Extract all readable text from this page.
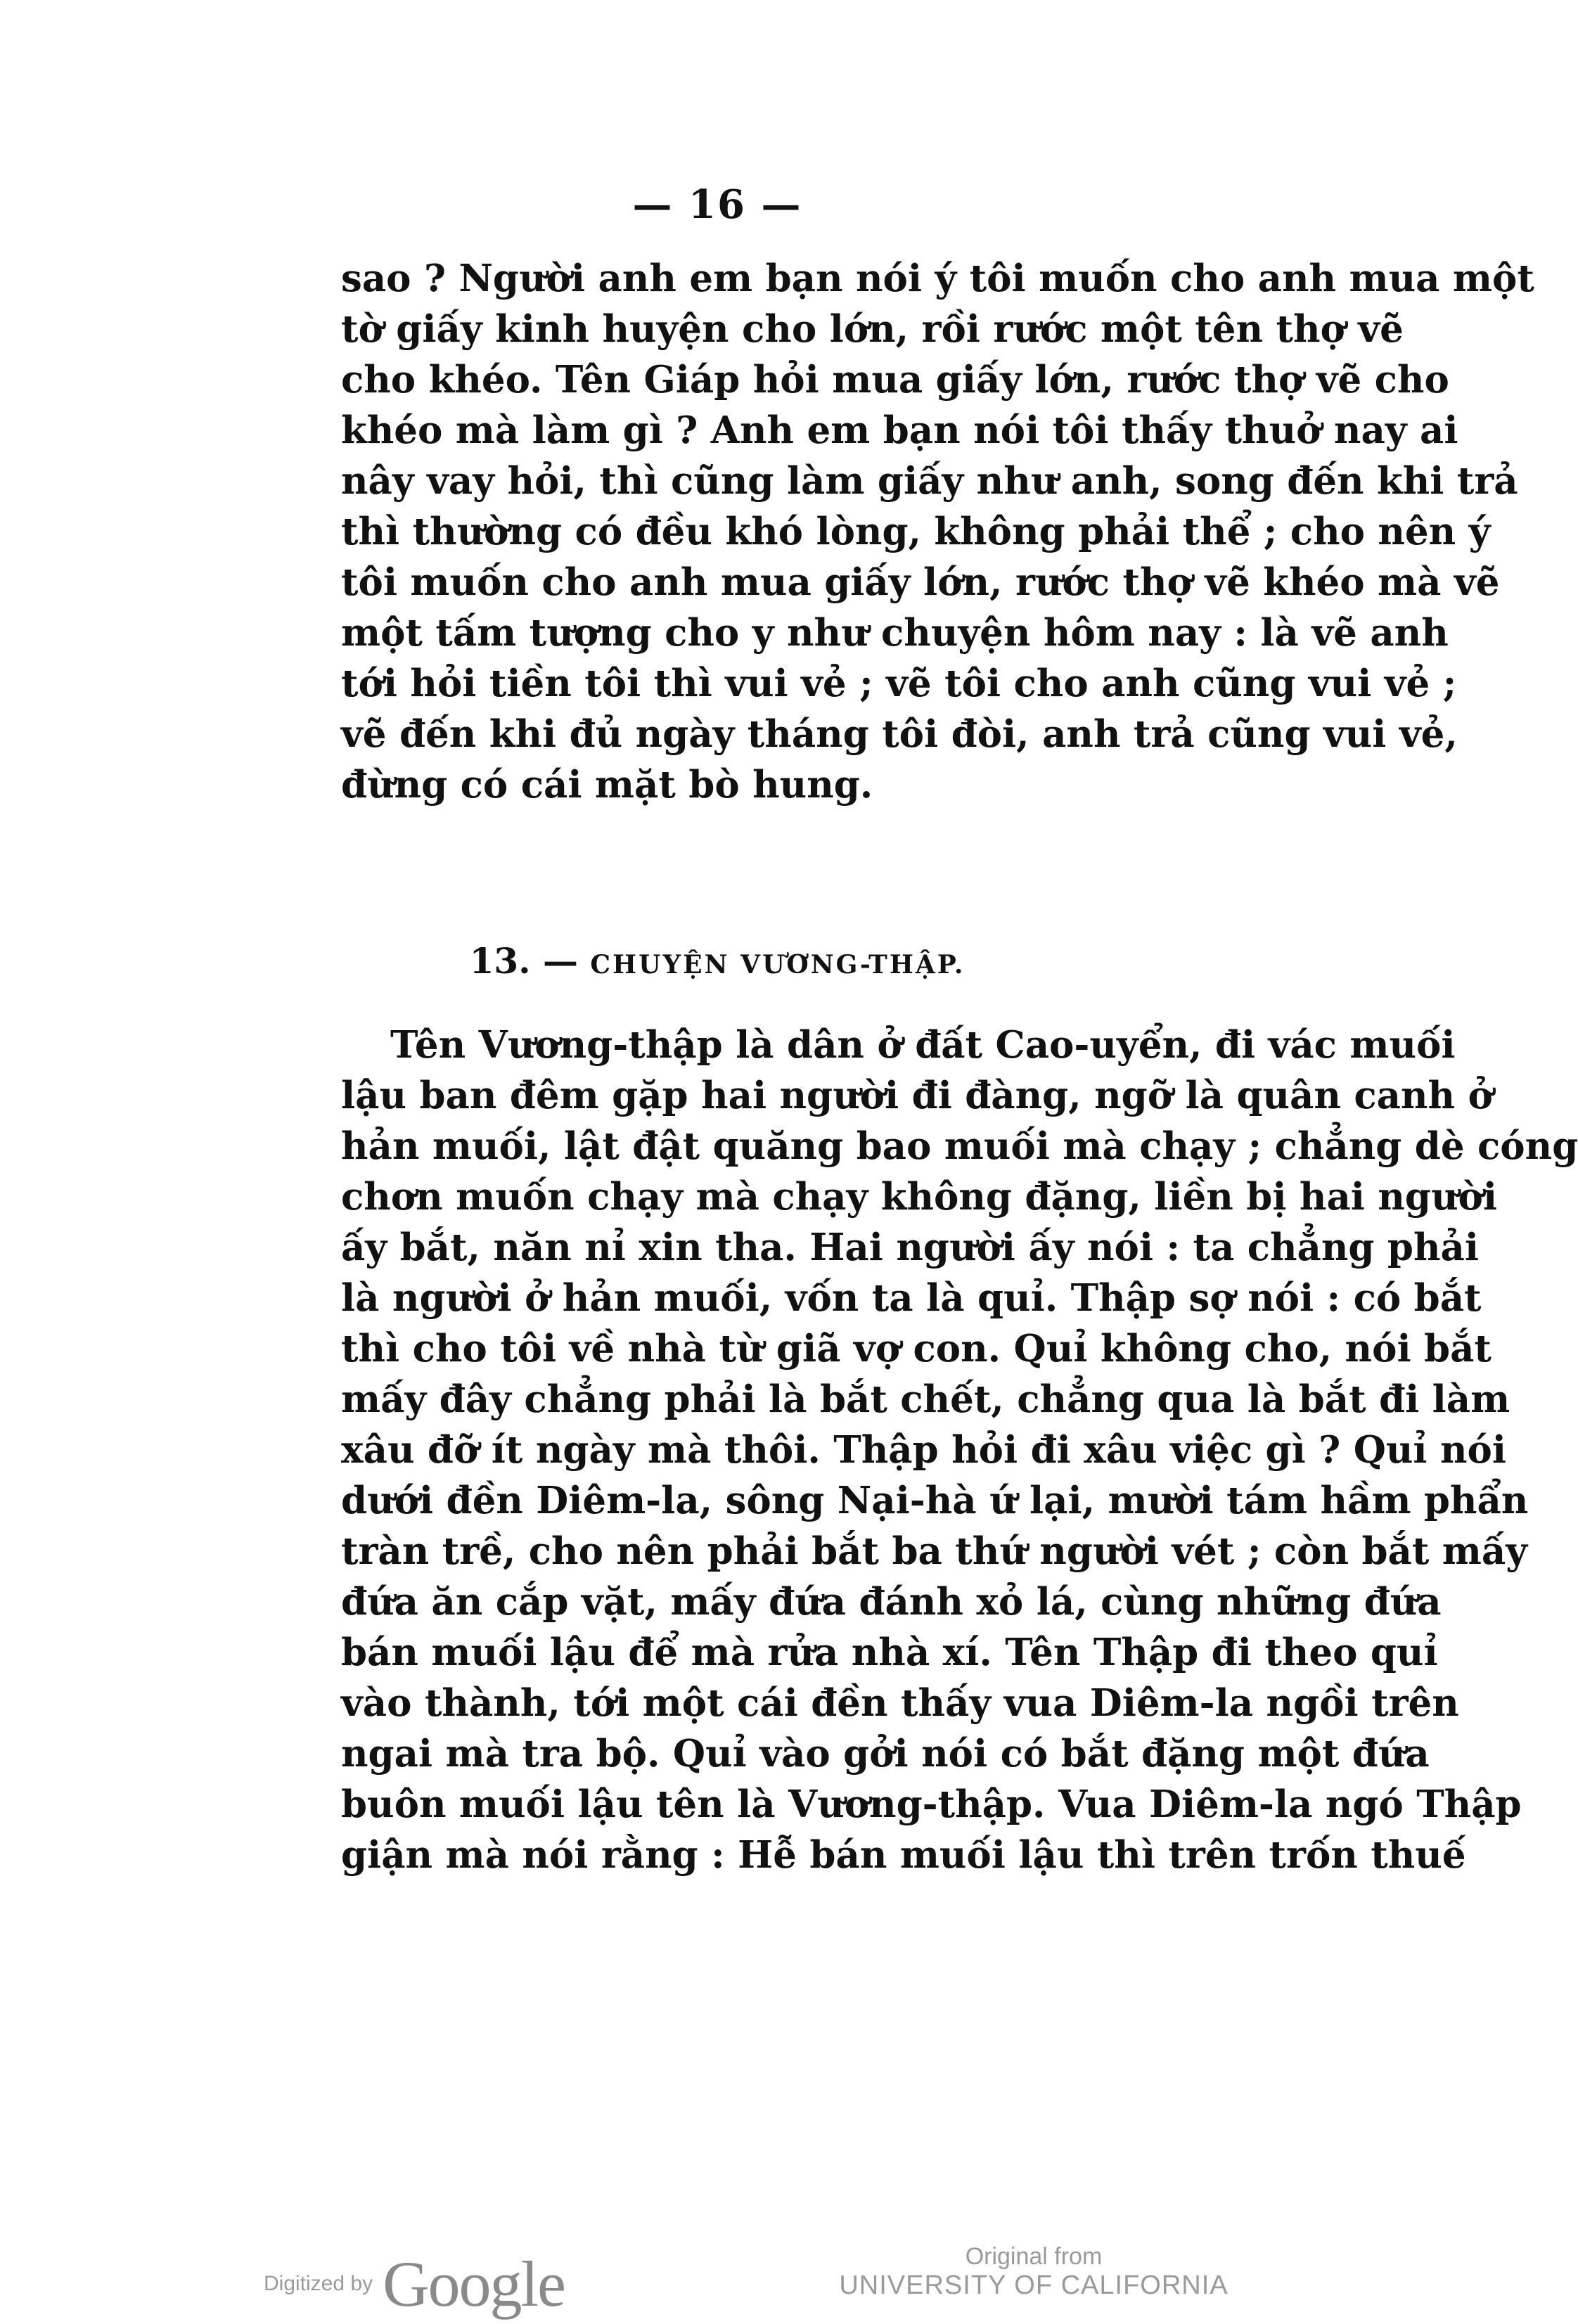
— 16 —
sao ? Người anh em bạn nói ý tôi muốn cho anh mua một
tờ giấy kinh huyện cho lớn, rồi rước một tên thợ vẽ
cho khéo. Tên Giáp hỏi mua giấy lớn, rước thợ vẽ cho
khéo mà làm gì ? Anh em bạn nói tôi thấy thuở nay ai
nây vay hỏi, thì cũng làm giấy như anh, song đến khi trả
thì thường có đều khó lòng, không phải thể ; cho nên ý
tôi muốn cho anh mua giấy lớn, rước thợ vẽ khéo mà vẽ
một tấm tượng cho y như chuyện hôm nay : là vẽ anh
tới hỏi tiền tôi thì vui vẻ ; vẽ tôi cho anh cũng vui vẻ ;
vẽ đến khi đủ ngày tháng tôi đòi, anh trả cũng vui vẻ,
đừng có cái mặt bò hung.
13. — CHUYỆN VƯƠNG-THẬP.
Tên Vương-thập là dân ở đất Cao-uyển, đi vác muối
lậu ban đêm gặp hai người đi đàng, ngỡ là quân canh ở
hản muối, lật đật quăng bao muối mà chạy ; chẳng dè cóng
chơn muốn chạy mà chạy không đặng, liền bị hai người
ấy bắt, năn nỉ xin tha. Hai người ấy nói : ta chẳng phải
là người ở hản muối, vốn ta là quỉ. Thập sợ nói : có bắt
thì cho tôi về nhà từ giã vợ con. Quỉ không cho, nói bắt
mấy đây chẳng phải là bắt chết, chẳng qua là bắt đi làm
xâu đỡ ít ngày mà thôi. Thập hỏi đi xâu việc gì ? Quỉ nói
dưới đền Diêm-la, sông Nại-hà ứ lại, mười tám hầm phẩn
tràn trề, cho nên phải bắt ba thứ người vét ; còn bắt mấy
đứa ăn cắp vặt, mấy đứa đánh xỏ lá, cùng những đứa
bán muối lậu để mà rửa nhà xí. Tên Thập đi theo quỉ
vào thành, tới một cái đền thấy vua Diêm-la ngồi trên
ngai mà tra bộ. Quỉ vào gởi nói có bắt đặng một đứa
buôn muối lậu tên là Vương-thập. Vua Diêm-la ngó Thập
giận mà nói rằng : Hễ bán muối lậu thì trên trốn thuế
Digitized by Google	Original from
UNIVERSITY OF CALIFORNIA
